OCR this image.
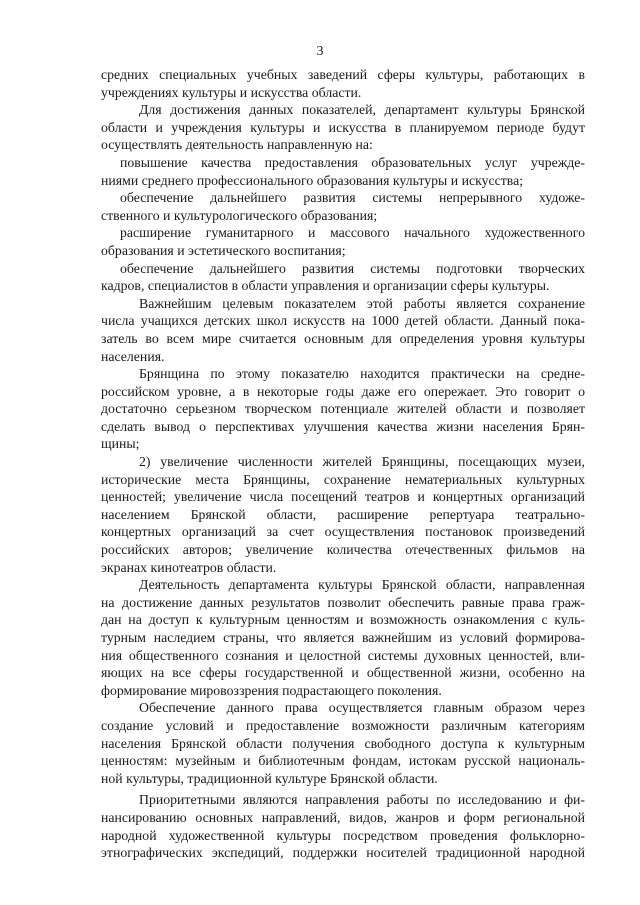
3
средних специальных учебных заведений сферы культуры, работающих в
учреждениях культуры и искусства области.
Для достижения данных показателей, департамент культуры Брянской
области и учреждения культуры и искусства в планируемом периоде будут
осуществлять деятельность направленную на:
повышение качества предоставления образовательных услуг учрежде-
ниями среднего профессионального образования культуры и искусства;
обеспечение дальнейшего развития системы непрерывного художе-
ственного и культурологического образования;
расширение гуманитарного и массового начального художественного
образования и эстетического воспитания;
обеспечение дальнейшего развития системы подготовки творческих
кадров, специалистов в области управления и организации сферы культуры.
Важнейшим целевым показателем этой работы является сохранение
числа учащихся детских школ искусств на 1000 детей области. Данный пока-
затель во всем мире считается основным для определения уровня культуры
населения.
Брянщина по этому показателю находится практически на средне-
российском уровне, а в некоторые годы даже его опережает. Это говорит о
достаточно серьезном творческом потенциале жителей области и позволяет
сделать вывод о перспективах улучшения качества жизни населения Брян-
щины;
2) увеличение численности жителей Брянщины, посещающих музеи,
исторические места Брянщины, сохранение нематериальных культурных
ценностей; увеличение числа посещений театров и концертных организаций
населением Брянской области, расширение репертуара театрально-
концертных организаций за счет осуществления постановок произведений
российских авторов; увеличение количества отечественных фильмов на
экранах кинотеатров области.
Деятельность департамента культуры Брянской области, направленная
на достижение данных результатов позволит обеспечить равные права граж-
дан на доступ к культурным ценностям и возможность ознакомления с куль-
турным наследием страны, что является важнейшим из условий формирова-
ния общественного сознания и целостной системы духовных ценностей, вли-
яющих на все сферы государственной и общественной жизни, особенно на
формирование мировоззрения подрастающего поколения.
Обеспечение данного права осуществляется главным образом через
создание условий и предоставление возможности различным категориям
населения Брянской области получения свободного доступа к культурным
ценностям: музейным и библиотечным фондам, истокам русской националь-
ной культуры, традиционной культуре Брянской области.
Приоритетными являются направления работы по исследованию и фи-
нансированию основных направлений, видов, жанров и форм региональной
народной художественной культуры посредством проведения фольклорно-
этнографических экспедиций, поддержки носителей традиционной народной
